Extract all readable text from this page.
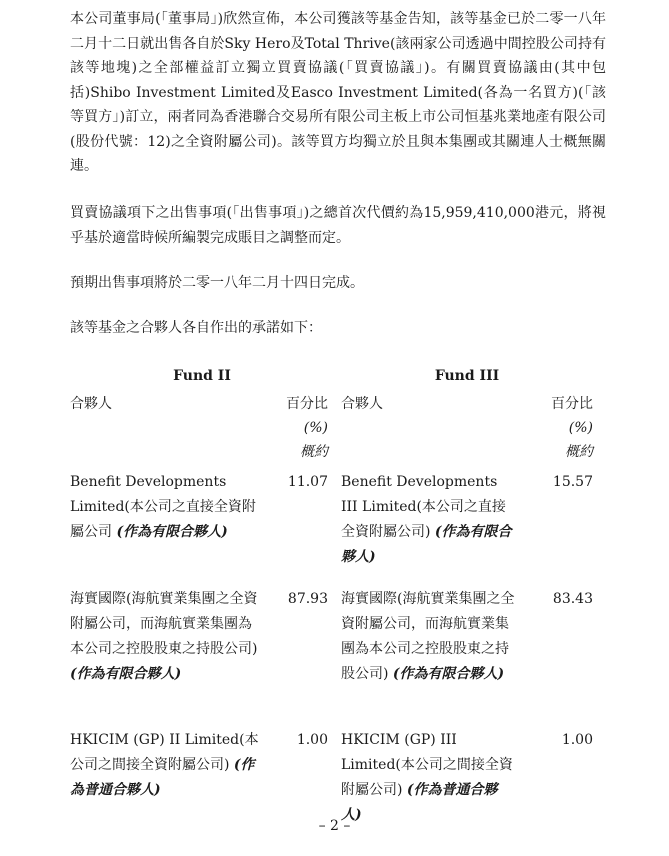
本公司董事局(「董事局」)欣然宣佈，本公司獲該等基金告知，該等基金已於二零一八年二月十二日就出售各自於Sky Hero及Total Thrive(該兩家公司透過中間控股公司持有該等地塊)之全部權益訂立獨立買賣協議(「買賣協議」)。有關買賣協議由(其中包括)Shibo Investment Limited及Easco Investment Limited(各為一名買方)(「該等買方」)訂立，兩者同為香港聯合交易所有限公司主板上市公司恒基兆業地產有限公司(股份代號：12)之全資附屬公司)。該等買方均獨立於且與本集團或其關連人士概無關連。

買賣協議項下之出售事項(「出售事項」)之總首次代價約為15,959,410,000港元，將視乎基於適當時候所編製完成賬目之調整而定。

預期出售事項將於二零一八年二月十四日完成。

該等基金之合夥人各自作出的承諾如下：

Fund II
合夥人	百分比
(%)
概約
Benefit Developments Limited(本公司之直接全資附屬公司 (作為有限合夥人)
11.07
海實國際(海航實業集團之全資附屬公司，而海航實業集團為本公司之控股股東之持股公司) (作為有限合夥人)
87.93
HKICIM (GP) II Limited(本公司之間接全資附屬公司) (作為普通合夥人)
1.00
Fund III
合夥人	百分比
(%)
概約
Benefit Developments III Limited(本公司之直接全資附屬公司) (作為有限合夥人)
15.57
海實國際(海航實業集團之全資附屬公司，而海航實業集團為本公司之控股股東之持股公司) (作為有限合夥人)
83.43
HKICIM (GP) III Limited(本公司之間接全資附屬公司) (作為普通合夥人)
1.00
– 2 –
